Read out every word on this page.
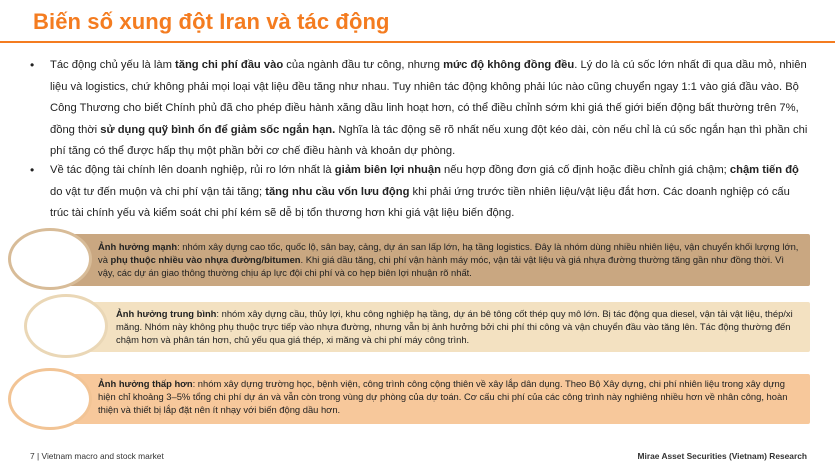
Biến số xung đột Iran và tác động
• Tác động chủ yếu là làm tăng chi phí đầu vào của ngành đầu tư công, nhưng mức độ không đồng đều. Lý do là cú sốc lớn nhất đi qua dầu mỏ, nhiên liệu và logistics, chứ không phải mọi loại vật liệu đều tăng như nhau. Tuy nhiên tác động không phải lúc nào cũng chuyển ngay 1:1 vào giá đầu vào. Bộ Công Thương cho biết Chính phủ đã cho phép điều hành xăng dầu linh hoạt hơn, có thể điều chỉnh sớm khi giá thế giới biến động bất thường trên 7%, đồng thời sử dụng quỹ bình ổn để giảm sốc ngắn hạn. Nghĩa là tác động sẽ rõ nhất nếu xung đột kéo dài, còn nếu chỉ là cú sốc ngắn hạn thì phần chi phí tăng có thể được hấp thụ một phần bởi cơ chế điều hành và khoản dự phòng.
• Về tác động tài chính lên doanh nghiệp, rủi ro lớn nhất là giảm biên lợi nhuận nếu hợp đồng đơn giá cố định hoặc điều chỉnh giá chậm; chậm tiến độ do vật tư đến muộn và chi phí vận tải tăng; tăng nhu cầu vốn lưu động khi phải ứng trước tiền nhiên liệu/vật liệu đắt hơn. Các doanh nghiệp có cấu trúc tài chính yếu và kiểm soát chi phí kém sẽ dễ bị tổn thương hơn khi giá vật liệu biến động.
Ảnh hưởng mạnh: nhóm xây dựng cao tốc, quốc lộ, sân bay, cảng, dự án san lấp lớn, hạ tầng logistics. Đây là nhóm dùng nhiều nhiên liệu, vận chuyển khối lượng lớn, và phụ thuộc nhiều vào nhựa đường/bitumen. Khi giá dầu tăng, chi phí vận hành máy móc, vận tải vật liệu và giá nhựa đường thường tăng gần như đồng thời. Vì vậy, các dự án giao thông thường chịu áp lực đội chi phí và co hẹp biên lợi nhuận rõ nhất.
Ảnh hưởng trung bình: nhóm xây dựng cầu, thủy lợi, khu công nghiệp hạ tầng, dự án bê tông cốt thép quy mô lớn. Bị tác động qua diesel, vận tải vật liệu, thép/xi măng. Nhóm này không phụ thuộc trực tiếp vào nhựa đường, nhưng vẫn bị ảnh hưởng bởi chi phí thi công và vận chuyển đầu vào tăng lên. Tác động thường đến chậm hơn và phân tán hơn, chủ yếu qua giá thép, xi măng và chi phí máy công trình.
Ảnh hưởng thấp hơn: nhóm xây dựng trường học, bệnh viện, công trình công cộng thiên về xây lắp dân dụng. Theo Bộ Xây dựng, chi phí nhiên liệu trong xây dựng hiện chỉ khoảng 3–5% tổng chi phí dự án và vẫn còn trong vùng dự phòng của dự toán. Cơ cấu chi phí của các công trình này nghiêng nhiều hơn về nhân công, hoàn thiện và thiết bị lắp đặt nên ít nhạy với biến động dầu hơn.
7 | Vietnam macro and stock market	Mirae Asset Securities (Vietnam) Research
